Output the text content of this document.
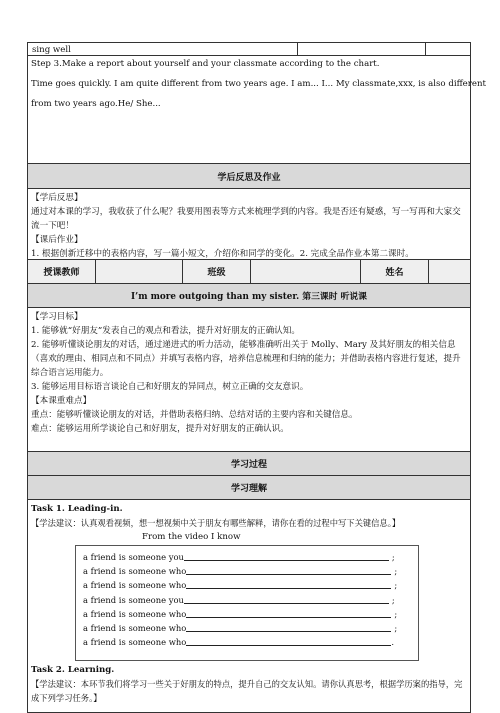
sing well
Step 3.Make a report about yourself and your classmate according to the chart.
Time goes quickly. I am quite different from two years age. I am... I... My classmate,xxx, is also different
from two years ago.He/ She...
学后反思及作业
【学后反思】
通过对本课的学习，我收获了什么呢？我要用图表等方式来梳理学到的内容。我是否还有疑惑，写一写再和大家交流一下吧！
【课后作业】
1. 根据创新迁移中的表格内容，写一篇小短文，介绍你和同学的变化。2. 完成全品作业本第二课时。
授课教师	班级	姓名
I’m more outgoing than my sister. 第三课时 听说课
【学习目标】
1. 能够就“好朋友”发表自己的观点和看法，提升对好朋友的正确认知。
2. 能够听懂谈论朋友的对话，通过递进式的听力活动，能够准确听出关于 Molly、Mary 及其好朋友的相关信息（喜欢的理由、相同点和不同点）并填写表格内容，培养信息梳理和归纳的能力；并借助表格内容进行复述，提升综合语言运用能力。
3. 能够运用目标语言谈论自己和好朋友的异同点，树立正确的交友意识。
【本课重难点】
重点：能够听懂谈论朋友的对话，并借助表格归纳、总结对话的主要内容和关键信息。
难点：能够运用所学谈论自己和好朋友，提升对好朋友的正确认识。
学习过程
学习理解
Task 1. Leading-in.
【学法建议：认真观看视频，想一想视频中关于朋友有哪些解释，请你在看的过程中写下关键信息。】
From the video I know
a friend is someone you	;
a friend is someone who	;
a friend is someone who	;
a friend is someone you	;
a friend is someone who	;
a friend is someone who	;
a friend is someone who	.
Task 2. Learning.
【学法建议：本环节我们将学习一些关于好朋友的特点，提升自己的交友认知。请你认真思考，根据学历案的指导，完成下列学习任务。】
